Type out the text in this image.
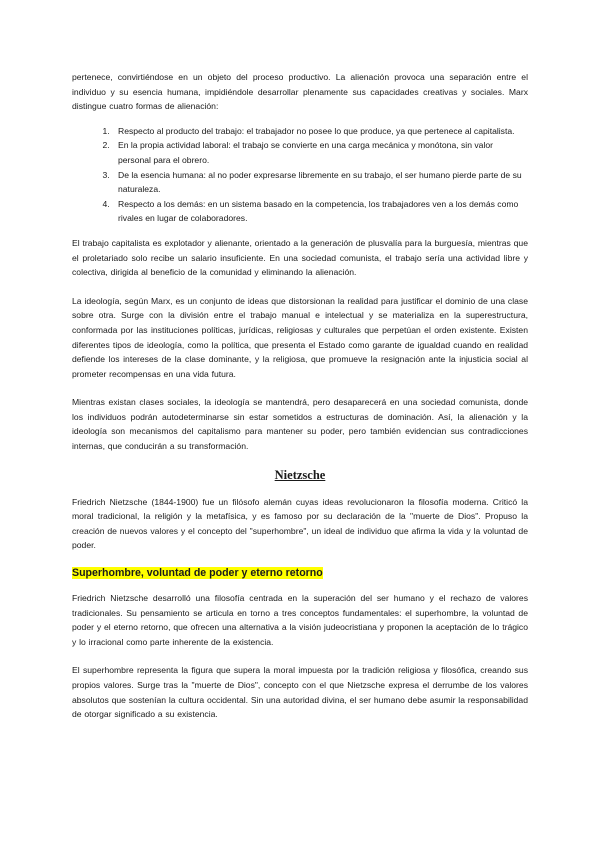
pertenece, convirtiéndose en un objeto del proceso productivo. La alienación provoca una separación entre el individuo y su esencia humana, impidiéndole desarrollar plenamente sus capacidades creativas y sociales. Marx distingue cuatro formas de alienación:

1. Respecto al producto del trabajo: el trabajador no posee lo que produce, ya que pertenece al capitalista.
2. En la propia actividad laboral: el trabajo se convierte en una carga mecánica y monótona, sin valor personal para el obrero.
3. De la esencia humana: al no poder expresarse libremente en su trabajo, el ser humano pierde parte de su naturaleza.
4. Respecto a los demás: en un sistema basado en la competencia, los trabajadores ven a los demás como rivales en lugar de colaboradores.

El trabajo capitalista es explotador y alienante, orientado a la generación de plusvalía para la burguesía, mientras que el proletariado solo recibe un salario insuficiente. En una sociedad comunista, el trabajo sería una actividad libre y colectiva, dirigida al beneficio de la comunidad y eliminando la alienación.

La ideología, según Marx, es un conjunto de ideas que distorsionan la realidad para justificar el dominio de una clase sobre otra. Surge con la división entre el trabajo manual e intelectual y se materializa en la superestructura, conformada por las instituciones políticas, jurídicas, religiosas y culturales que perpetúan el orden existente. Existen diferentes tipos de ideología, como la política, que presenta el Estado como garante de igualdad cuando en realidad defiende los intereses de la clase dominante, y la religiosa, que promueve la resignación ante la injusticia social al prometer recompensas en una vida futura.

Mientras existan clases sociales, la ideología se mantendrá, pero desaparecerá en una sociedad comunista, donde los individuos podrán autodeterminarse sin estar sometidos a estructuras de dominación. Así, la alienación y la ideología son mecanismos del capitalismo para mantener su poder, pero también evidencian sus contradicciones internas, que conducirán a su transformación.

Nietzsche

Friedrich Nietzsche (1844-1900) fue un filósofo alemán cuyas ideas revolucionaron la filosofía moderna. Criticó la moral tradicional, la religión y la metafísica, y es famoso por su declaración de la "muerte de Dios". Propuso la creación de nuevos valores y el concepto del "superhombre", un ideal de individuo que afirma la vida y la voluntad de poder.

Superhombre, voluntad de poder y eterno retorno

Friedrich Nietzsche desarrolló una filosofía centrada en la superación del ser humano y el rechazo de valores tradicionales. Su pensamiento se articula en torno a tres conceptos fundamentales: el superhombre, la voluntad de poder y el eterno retorno, que ofrecen una alternativa a la visión judeocristiana y proponen la aceptación de lo trágico y lo irracional como parte inherente de la existencia.

El superhombre representa la figura que supera la moral impuesta por la tradición religiosa y filosófica, creando sus propios valores. Surge tras la "muerte de Dios", concepto con el que Nietzsche expresa el derrumbe de los valores absolutos que sostenían la cultura occidental. Sin una autoridad divina, el ser humano debe asumir la responsabilidad de otorgar significado a su existencia.
